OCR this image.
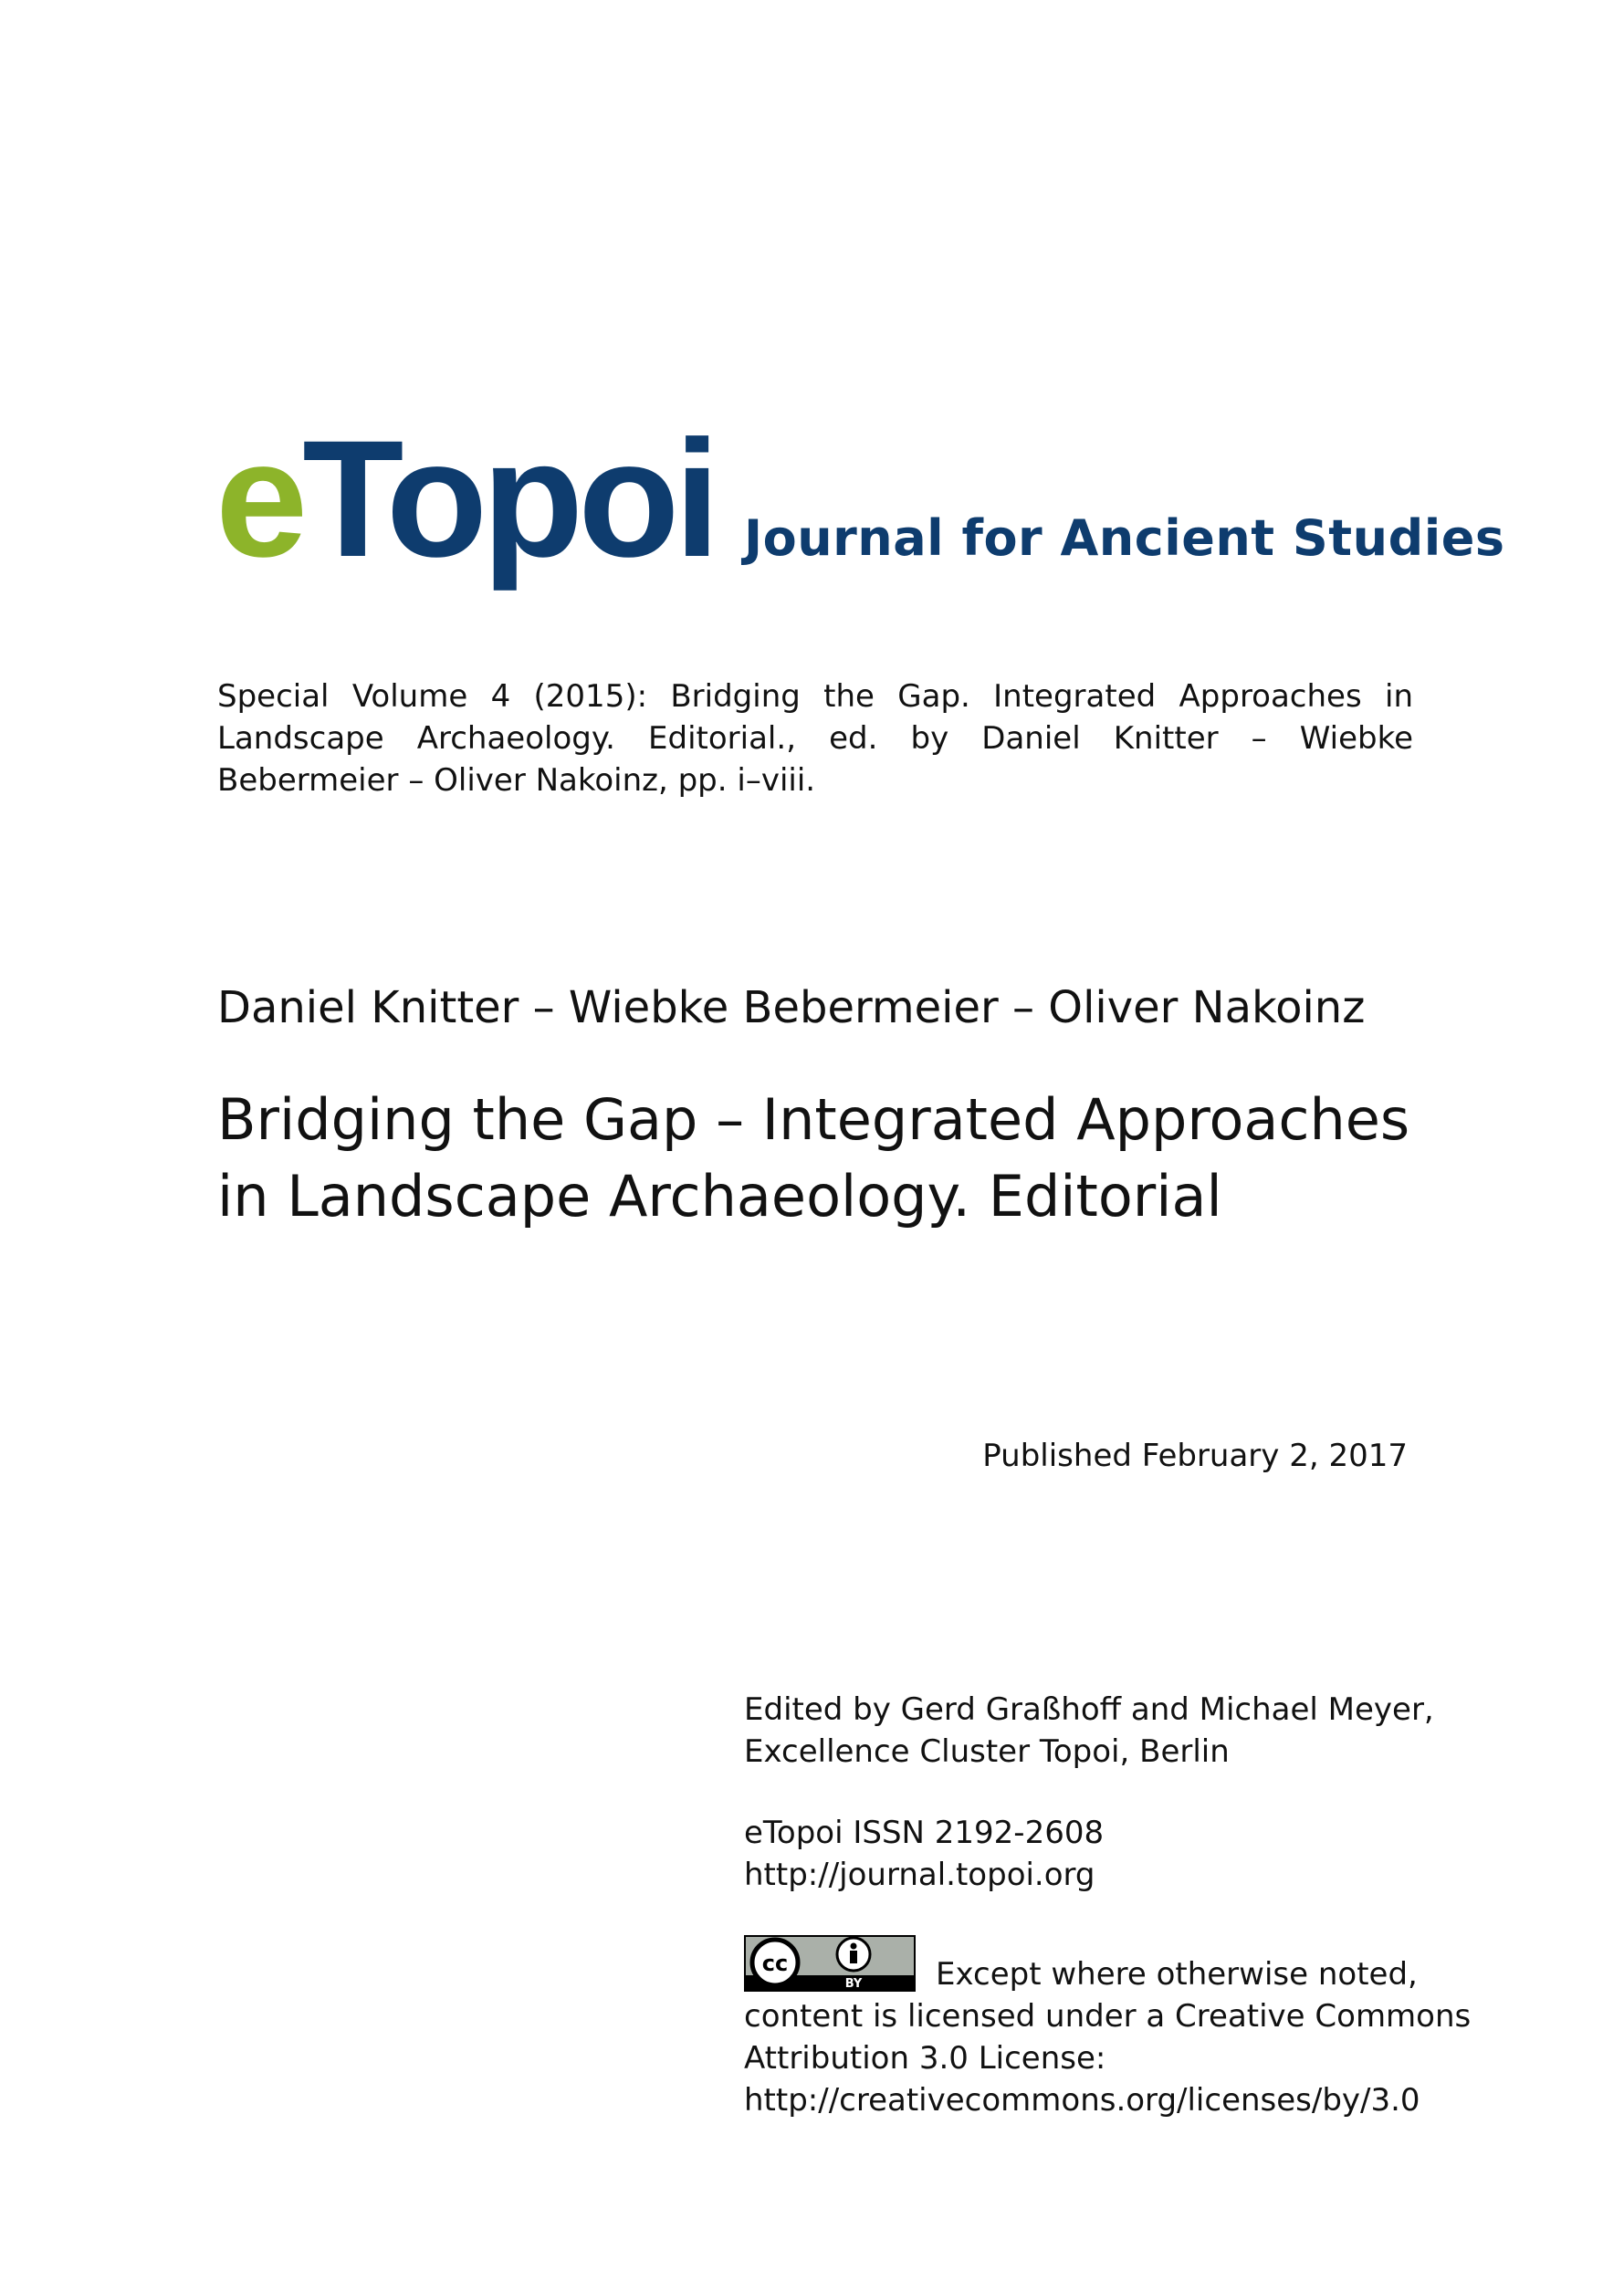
eTopoi Journal for Ancient Studies
Special Volume 4 (2015): Bridging the Gap. Integrated Approaches in Landscape Archaeology. Editorial., ed. by Daniel Knitter – Wiebke Bebermeier – Oliver Nakoinz, pp. i–viii.
Daniel Knitter – Wiebke Bebermeier – Oliver Nakoinz
Bridging the Gap – Integrated Approaches in Landscape Archaeology. Editorial
Published February 2, 2017
Edited by Gerd Graßhoff and Michael Meyer,
Excellence Cluster Topoi, Berlin
eTopoi ISSN 2192-2608
http://journal.topoi.org
cc
BY Except where otherwise noted,
content is licensed under a Creative Commons
Attribution 3.0 License:
http://creativecommons.org/licenses/by/3.0
